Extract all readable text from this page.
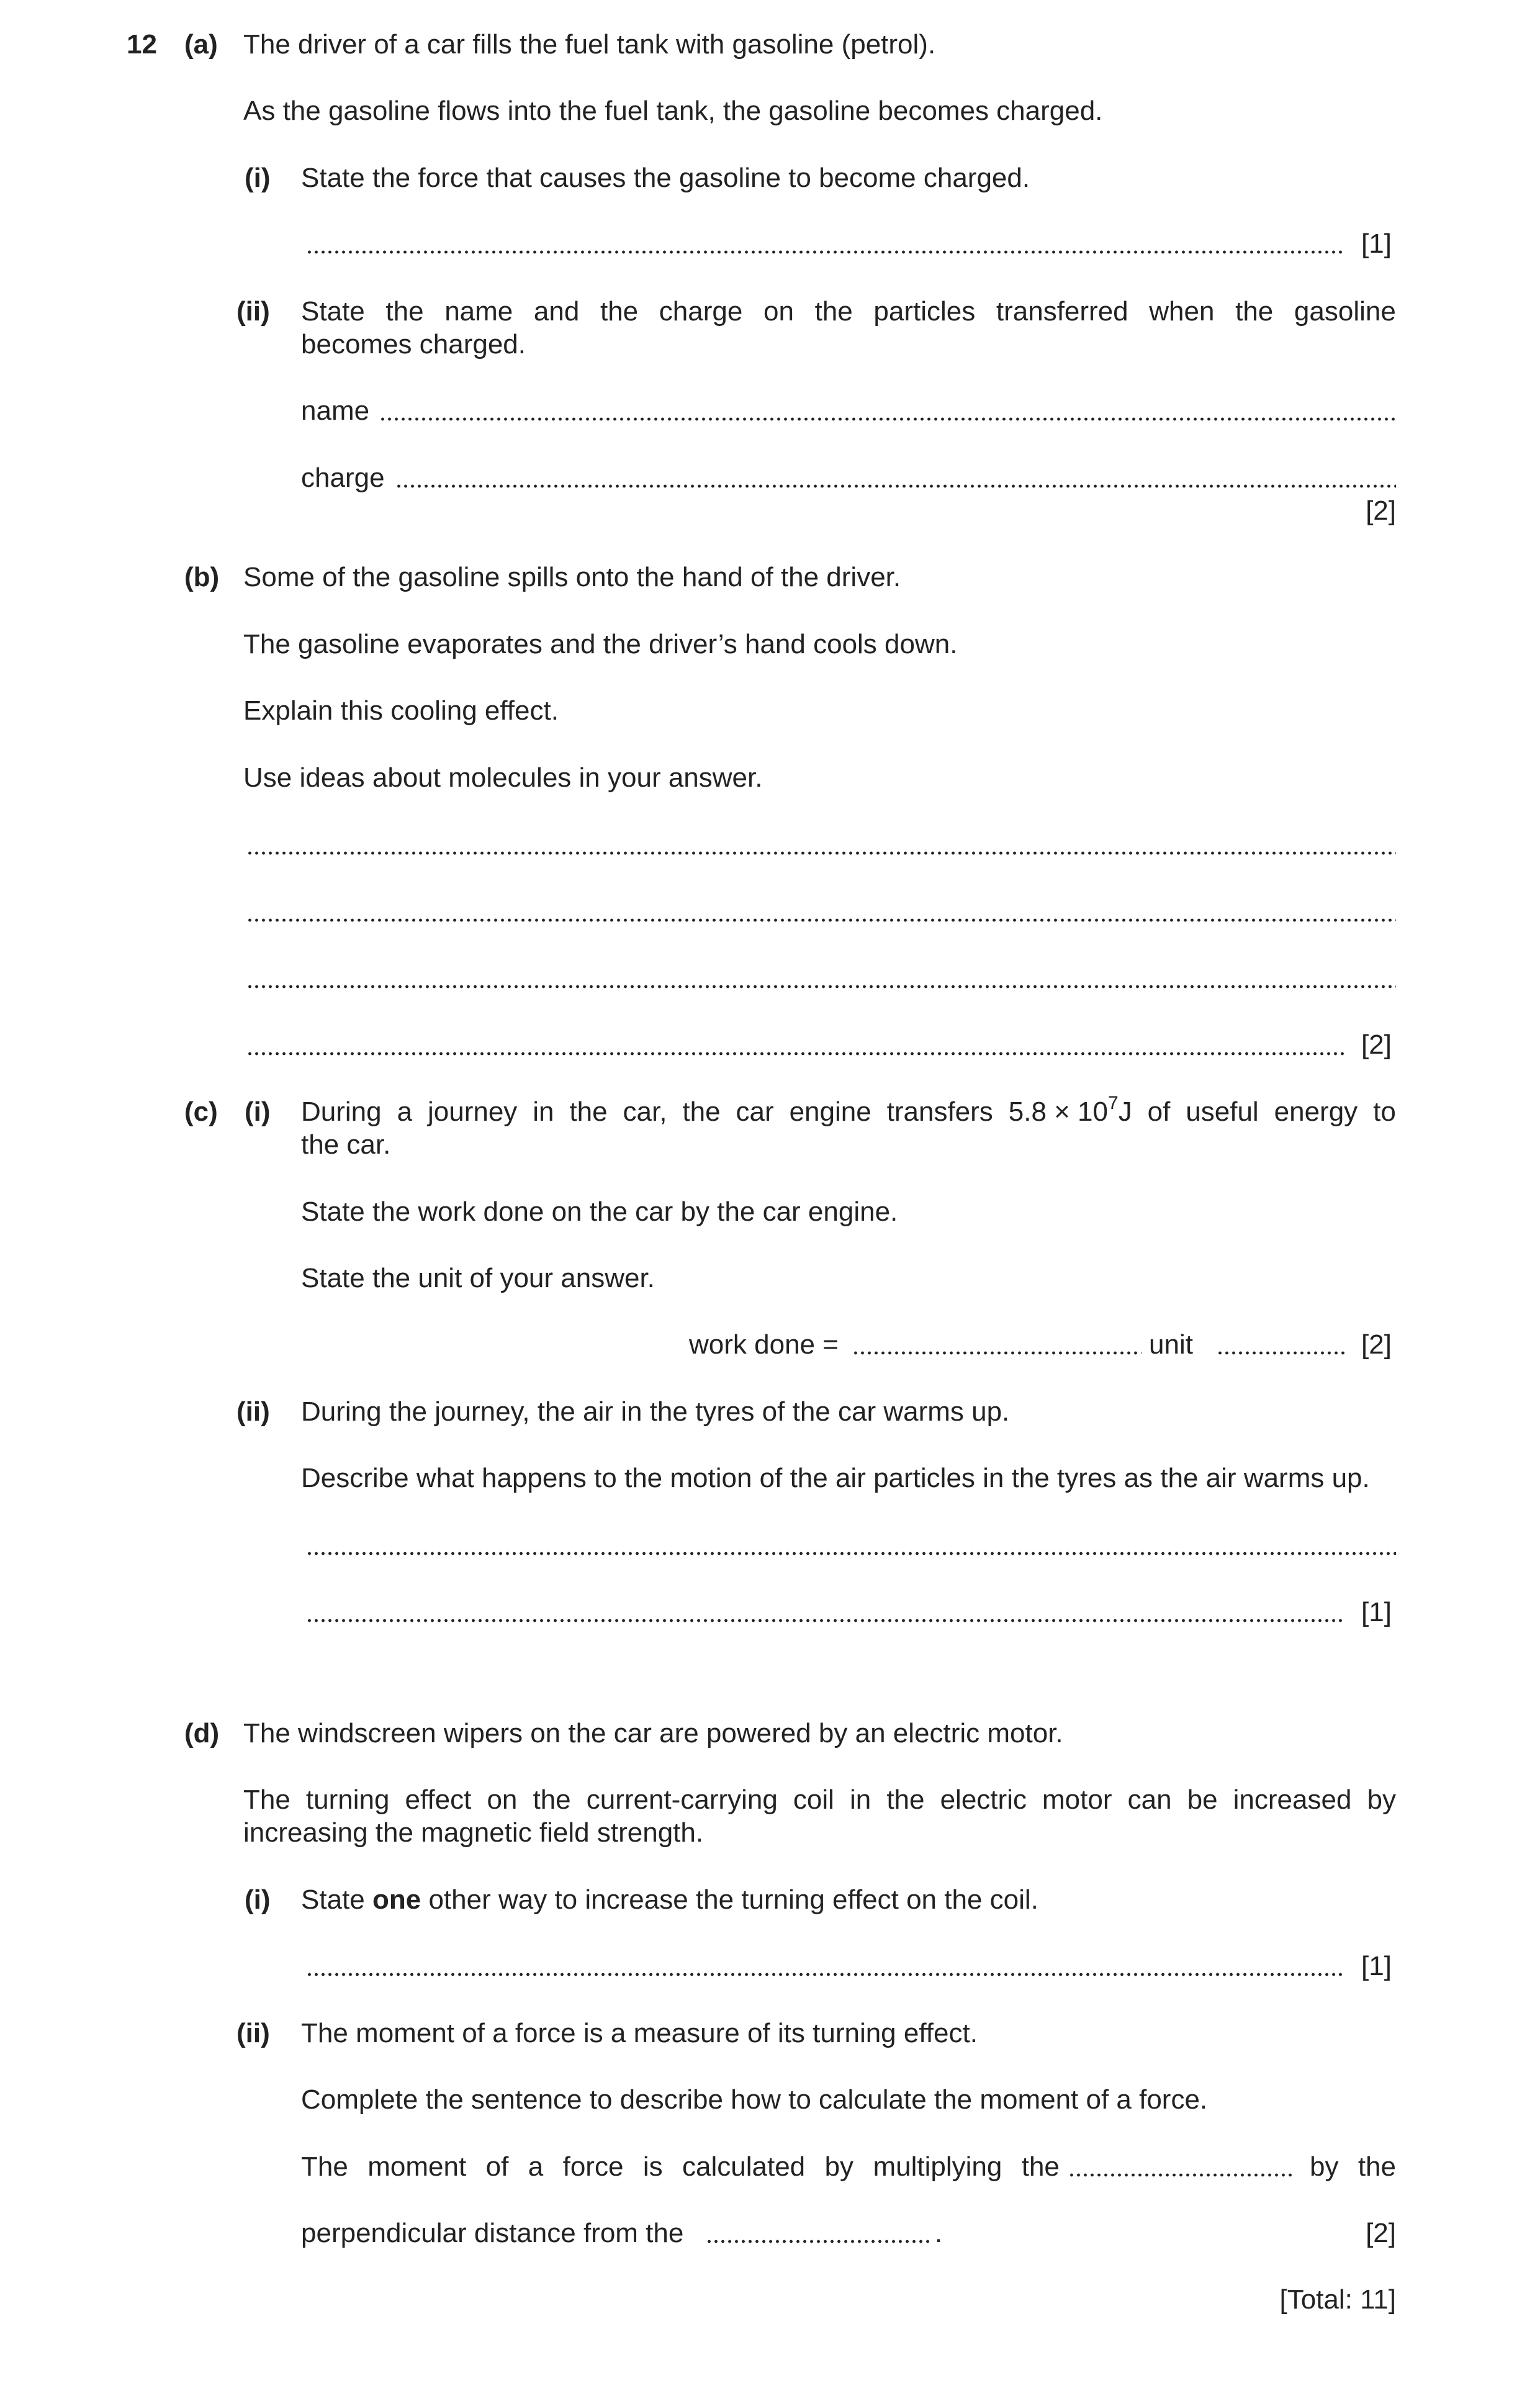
12 (a) The driver of a car fills the fuel tank with gasoline (petrol).
As the gasoline flows into the fuel tank, the gasoline becomes charged.
(i) State the force that causes the gasoline to become charged.
[1]
(ii) State the name and the charge on the particles transferred when the gasoline
becomes charged.
name
charge
[2]
(b) Some of the gasoline spills onto the hand of the driver.
The gasoline evaporates and the driver’s hand cools down.
Explain this cooling effect.
Use ideas about molecules in your answer.
[2]
(c) (i) During a journey in the car, the car engine transfers $5.8 \times 10^7J$ of useful energy to
the car.
State the work done on the car by the car engine.
State the unit of your answer.
work done =	unit	[2]
(ii) During the journey, the air in the tyres of the car warms up.
Describe what happens to the motion of the air particles in the tyres as the air warms up.
[1]
(d) The windscreen wipers on the car are powered by an electric motor.
The turning effect on the current-carrying coil in the electric motor can be increased by
increasing the magnetic field strength.
(i) State one other way to increase the turning effect on the coil.
[1]
(ii) The moment of a force is a measure of its turning effect.
Complete the sentence to describe how to calculate the moment of a force.
The moment of a force is calculated by multiplying the	by the
perpendicular distance from the	.	[2]
[Total: 11]
